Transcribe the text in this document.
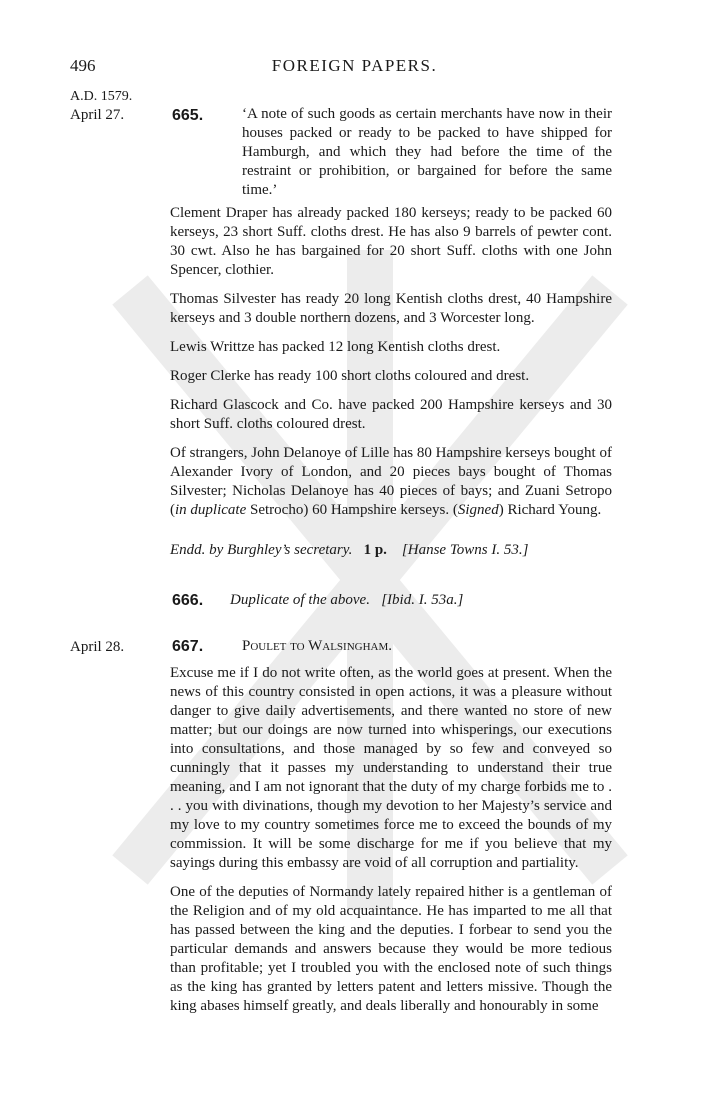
496	FOREIGN PAPERS.
A.D. 1579.
April 27.	665.	‘A note of such goods as certain merchants have now in their houses packed or ready to be packed to have shipped for Hamburgh, and which they had before the time of the restraint or prohibition, or bargained for before the same time.’

Clement Draper has already packed 180 kerseys; ready to be packed 60 kerseys, 23 short Suff. cloths drest. He has also 9 barrels of pewter cont. 30 cwt. Also he has bargained for 20 short Suff. cloths with one John Spencer, clothier.

Thomas Silvester has ready 20 long Kentish cloths drest, 40 Hampshire kerseys and 3 double northern dozens, and 3 Worcester long.

Lewis Writtze has packed 12 long Kentish cloths drest.

Roger Clerke has ready 100 short cloths coloured and drest.

Richard Glascock and Co. have packed 200 Hampshire kerseys and 30 short Suff. cloths coloured drest.

Of strangers, John Delanoye of Lille has 80 Hampshire kerseys bought of Alexander Ivory of London, and 20 pieces bays bought of Thomas Silvester; Nicholas Delanoye has 40 pieces of bays; and Zuani Setropo (in duplicate Setrocho) 60 Hampshire kerseys. (Signed) Richard Young.

Endd. by Burghley’s secretary. 1 p. [Hanse Towns I. 53.]
666. Duplicate of the above. [Ibid. I. 53a.]
April 28.	667.	Poulet to Walsingham.

Excuse me if I do not write often, as the world goes at present. When the news of this country consisted in open actions, it was a pleasure without danger to give daily advertisements, and there wanted no store of new matter; but our doings are now turned into whisperings, our executions into consultations, and those managed by so few and conveyed so cunningly that it passes my understanding to understand their true meaning, and I am not ignorant that the duty of my charge forbids me to . . . you with divinations, though my devotion to her Majesty’s service and my love to my country sometimes force me to exceed the bounds of my commission. It will be some discharge for me if you believe that my sayings during this embassy are void of all corruption and partiality.

One of the deputies of Normandy lately repaired hither is a gentleman of the Religion and of my old acquaintance. He has imparted to me all that has passed between the king and the deputies. I forbear to send you the particular demands and answers because they would be more tedious than profitable; yet I troubled you with the enclosed note of such things as the king has granted by letters patent and letters missive. Though the king abases himself greatly, and deals liberally and honourably in some
